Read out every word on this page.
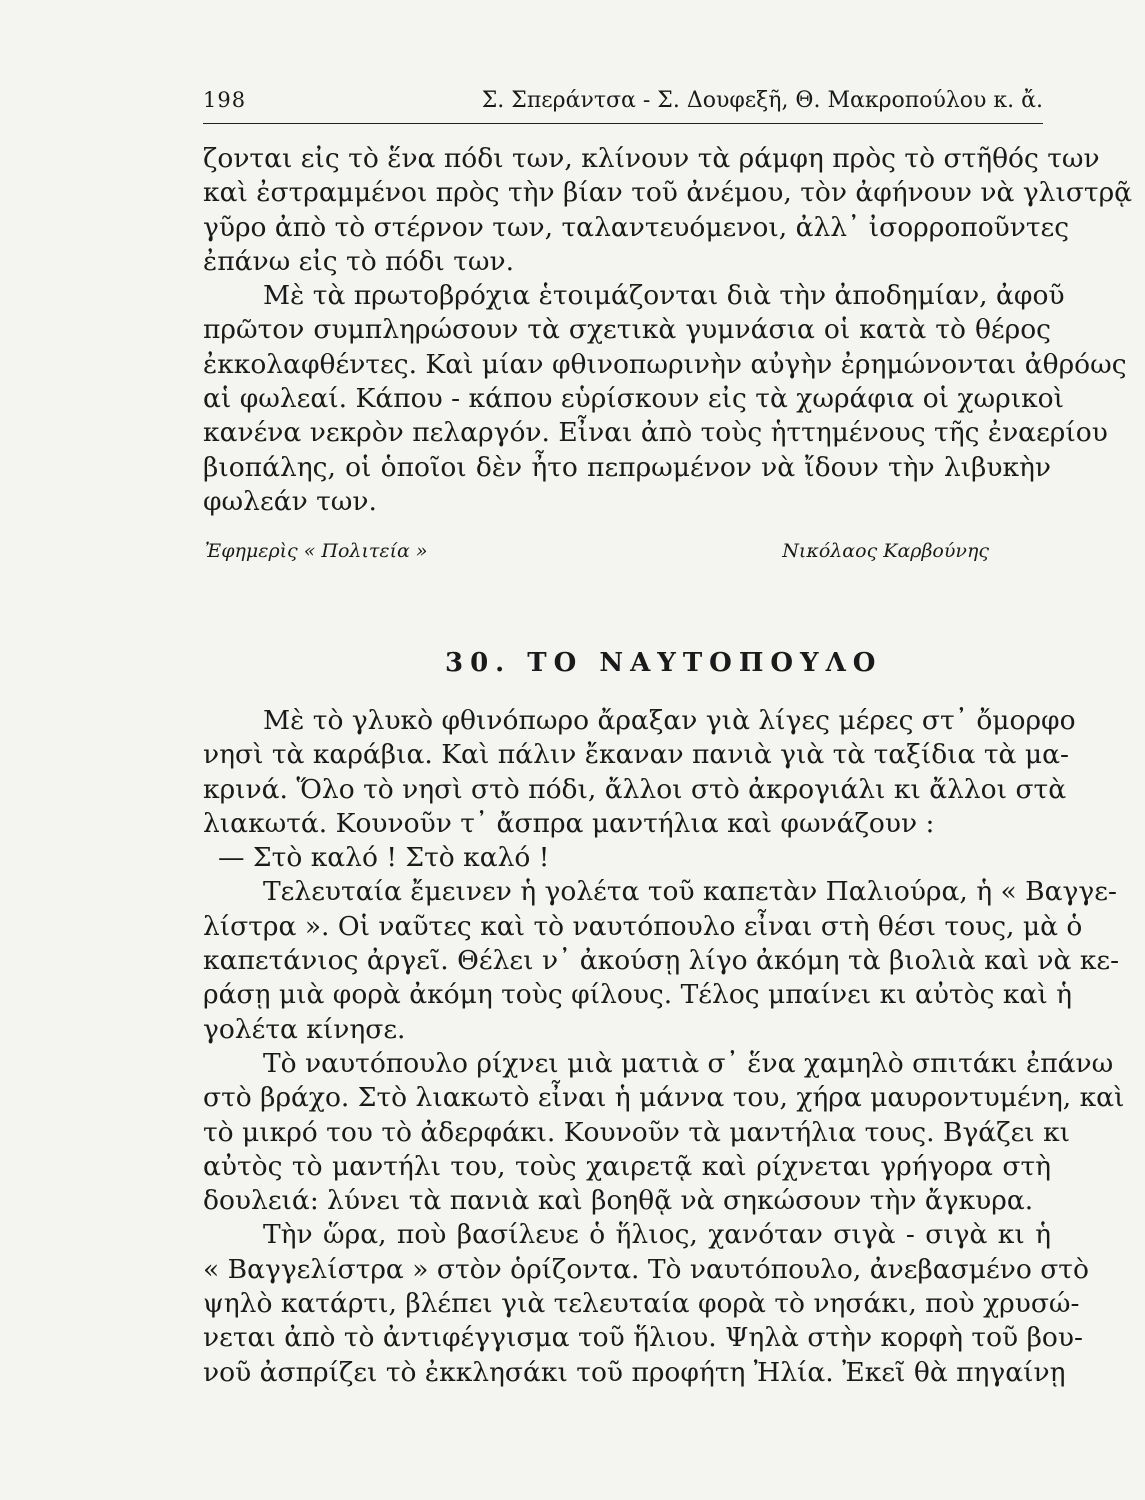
198	Σ. Σπεράντσα - Σ. Δουφεξῆ, Θ. Μακροπούλου κ. ἄ.
ζονται εἰς τὸ ἕνα πόδι των, κλίνουν τὰ ράμφη πρὸς τὸ στῆθός των
καὶ ἐστραμμένοι πρὸς τὴν βίαν τοῦ ἀνέμου, τὸν ἀφήνουν νὰ γλιστρᾷ
γῦρο ἀπὸ τὸ στέρνον των, ταλαντευόμενοι, ἀλλ᾽ ἰσορροποῦντες
ἐπάνω εἰς τὸ πόδι των.
Μὲ τὰ πρωτοβρόχια ἑτοιμάζονται διὰ τὴν ἀποδημίαν, ἀφοῦ
πρῶτον συμπληρώσουν τὰ σχετικὰ γυμνάσια οἱ κατὰ τὸ θέρος
ἐκκολαφθέντες. Καὶ μίαν φθινοπωρινὴν αὐγὴν ἐρημώνονται ἀθρόως
αἱ φωλεαί. Κάπου - κάπου εὑρίσκουν εἰς τὰ χωράφια οἱ χωρικοὶ
κανένα νεκρὸν πελαργόν. Εἶναι ἀπὸ τοὺς ἡττημένους τῆς ἐναερίου
βιοπάλης, οἱ ὁποῖοι δὲν ἦτο πεπρωμένον νὰ ἴδουν τὴν λιβυκὴν
φωλεάν των.
Ἐφημερὶς « Πολιτεία »	Νικόλαος Καρβούνης
30. ΤΟ ΝΑΥΤΟΠΟΥΛΟ
Μὲ τὸ γλυκὸ φθινόπωρο ἄραξαν γιὰ λίγες μέρες στ᾽ ὄμορφο
νησὶ τὰ καράβια. Καὶ πάλιν ἔκαναν πανιὰ γιὰ τὰ ταξίδια τὰ μα-
κρινά. Ὅλο τὸ νησὶ στὸ πόδι, ἄλλοι στὸ ἀκρογιάλι κι ἄλλοι στὰ
λιακωτά. Κουνοῦν τ᾽ ἄσπρα μαντήλια καὶ φωνάζουν :
— Στὸ καλό ! Στὸ καλό !
Τελευταία ἔμεινεν ἡ γολέτα τοῦ καπετὰν Παλιούρα, ἡ « Βαγγε-
λίστρα ». Οἱ ναῦτες καὶ τὸ ναυτόπουλο εἶναι στὴ θέσι τους, μὰ ὁ
καπετάνιος ἀργεῖ. Θέλει ν᾽ ἀκούσῃ λίγο ἀκόμη τὰ βιολιὰ καὶ νὰ κε-
ράσῃ μιὰ φορὰ ἀκόμη τοὺς φίλους. Τέλος μπαίνει κι αὐτὸς καὶ ἡ
γολέτα κίνησε.
Τὸ ναυτόπουλο ρίχνει μιὰ ματιὰ σ᾽ ἕνα χαμηλὸ σπιτάκι ἐπάνω
στὸ βράχο. Στὸ λιακωτὸ εἶναι ἡ μάννα του, χήρα μαυροντυμένη, καὶ
τὸ μικρό του τὸ ἀδερφάκι. Κουνοῦν τὰ μαντήλια τους. Βγάζει κι
αὐτὸς τὸ μαντήλι του, τοὺς χαιρετᾷ καὶ ρίχνεται γρήγορα στὴ
δουλειά: λύνει τὰ πανιὰ καὶ βοηθᾷ νὰ σηκώσουν τὴν ἄγκυρα.
Τὴν ὥρα, ποὺ βασίλευε ὁ ἥλιος, χανόταν σιγὰ - σιγὰ κι ἡ
« Βαγγελίστρα » στὸν ὁρίζοντα. Τὸ ναυτόπουλο, ἀνεβασμένο στὸ
ψηλὸ κατάρτι, βλέπει γιὰ τελευταία φορὰ τὸ νησάκι, ποὺ χρυσώ-
νεται ἀπὸ τὸ ἀντιφέγγισμα τοῦ ἥλιου. Ψηλὰ στὴν κορφὴ τοῦ βου-
νοῦ ἀσπρίζει τὸ ἐκκλησάκι τοῦ προφήτη Ἠλία. Ἐκεῖ θὰ πηγαίνῃ
